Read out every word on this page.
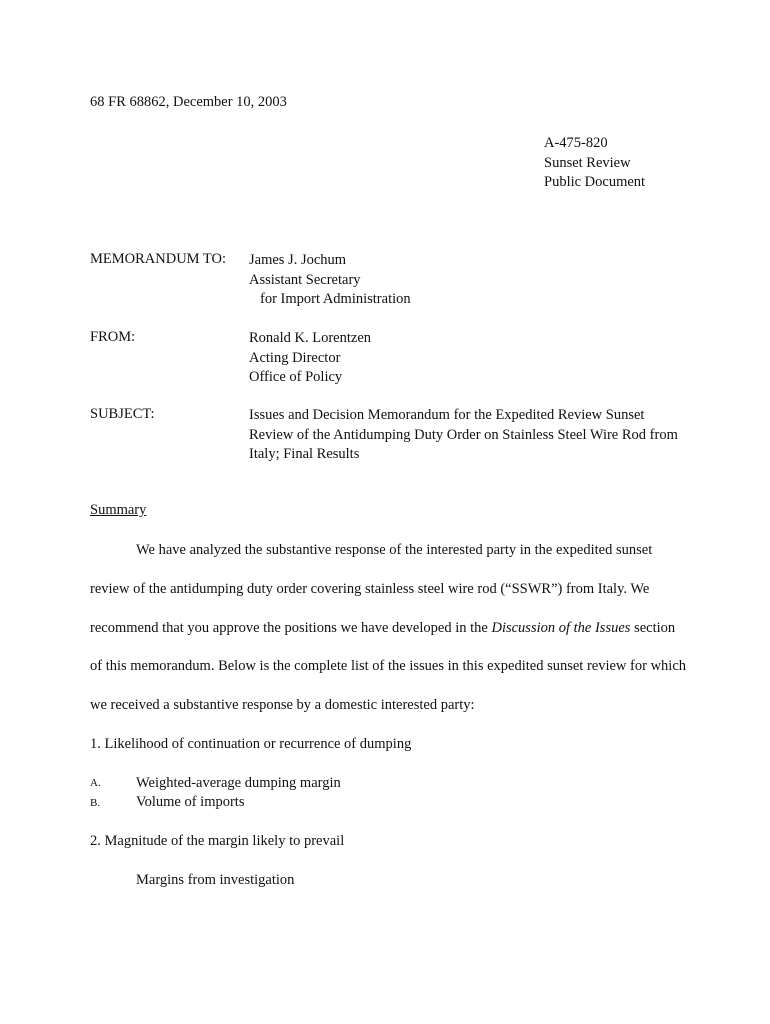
68 FR 68862, December 10, 2003
A-475-820
Sunset Review
Public Document
MEMORANDUM TO: James J. Jochum
Assistant Secretary
for Import Administration
FROM:	Ronald K. Lorentzen
Acting Director
Office of Policy
SUBJECT:	Issues and Decision Memorandum for the Expedited Review Sunset
Review of the Antidumping Duty Order on Stainless Steel Wire Rod from
Italy; Final Results
Summary
We have analyzed the substantive response of the interested party in the expedited sunset
review of the antidumping duty order covering stainless steel wire rod (“SSWR”) from Italy. We
recommend that you approve the positions we have developed in the Discussion of the Issues section
of this memorandum. Below is the complete list of the issues in this expedited sunset review for which
we received a substantive response by a domestic interested party:
1. Likelihood of continuation or recurrence of dumping
A. Weighted-average dumping margin
B. Volume of imports
2. Magnitude of the margin likely to prevail
Margins from investigation
